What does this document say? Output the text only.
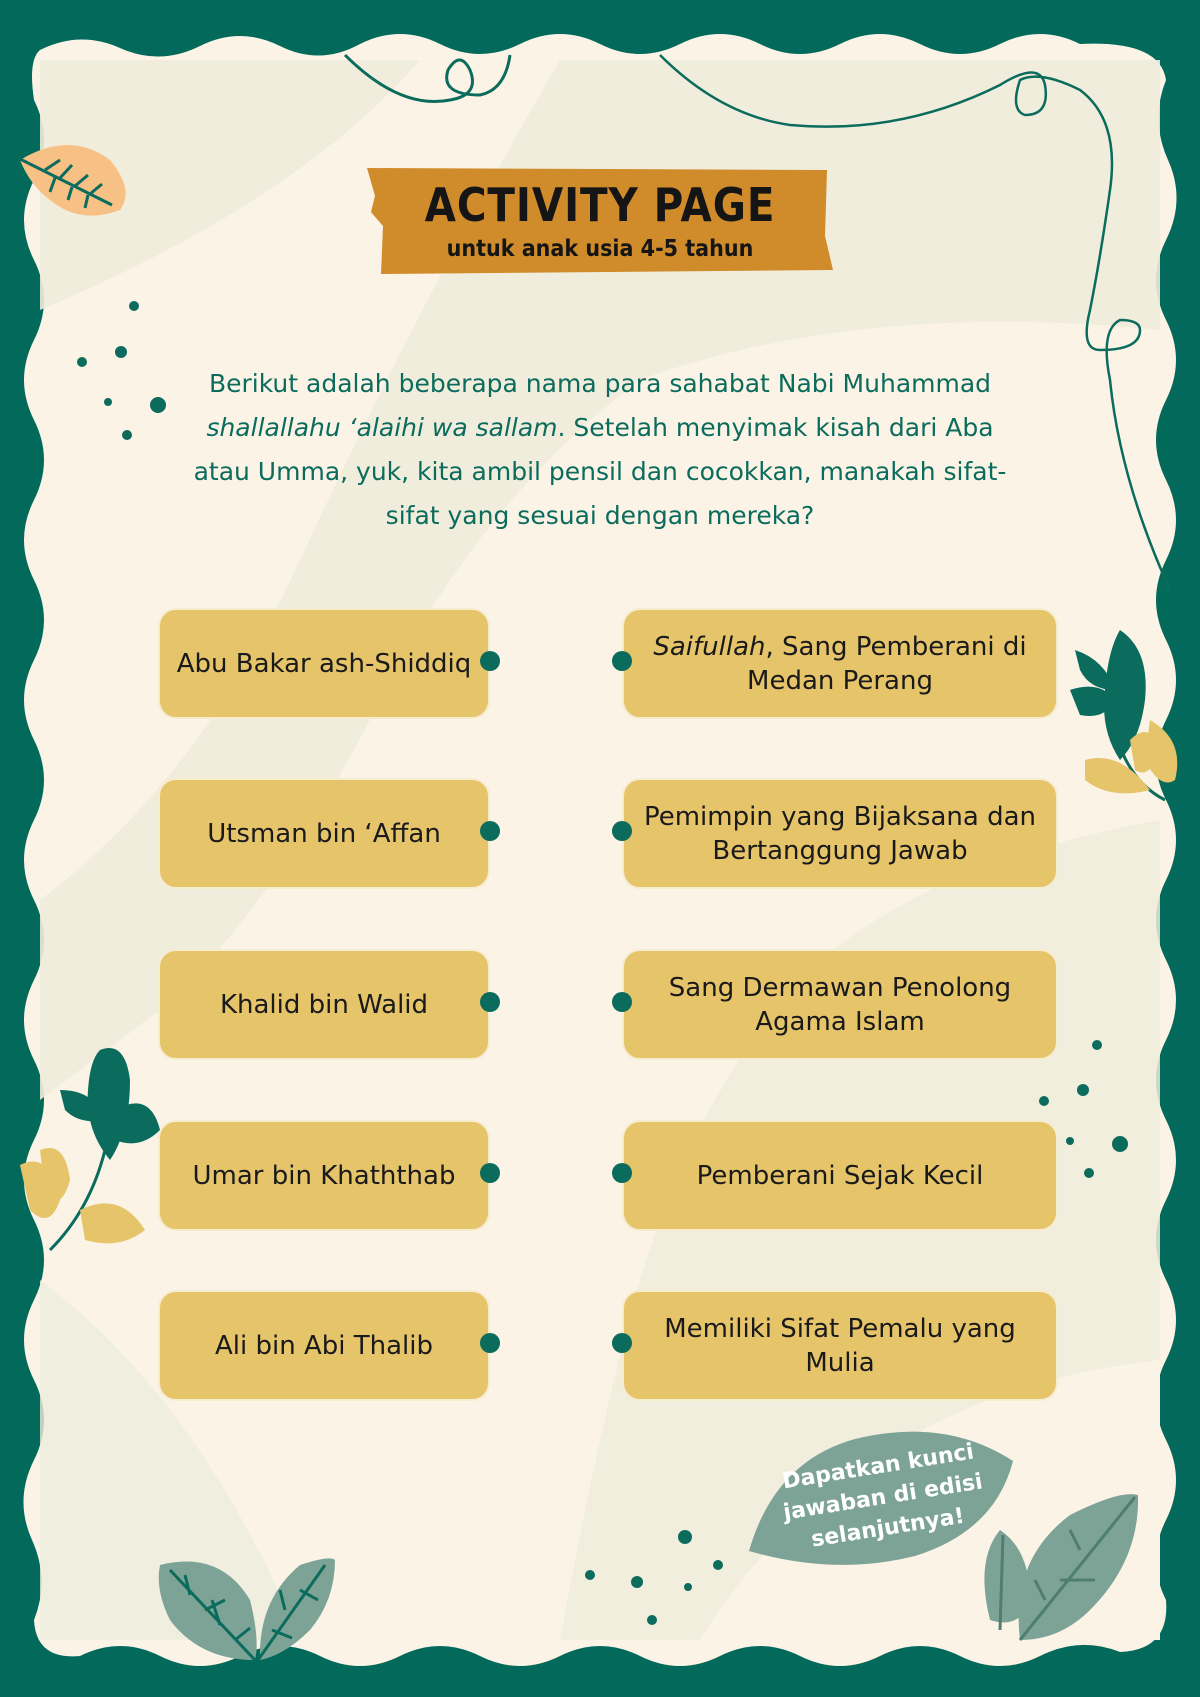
ACTIVITY PAGE
untuk anak usia 4-5 tahun
Berikut adalah beberapa nama para sahabat Nabi Muhammad shallallahu ‘alaihi wa sallam. Setelah menyimak kisah dari Aba atau Umma, yuk, kita ambil pensil dan cocokkan, manakah sifat-sifat yang sesuai dengan mereka?
Abu Bakar ash-Shiddiq
Utsman bin ‘Affan
Khalid bin Walid
Umar bin Khaththab
Ali bin Abi Thalib
Saifullah, Sang Pemberani di Medan Perang
Pemimpin yang Bijaksana dan Bertanggung Jawab
Sang Dermawan Penolong Agama Islam
Pemberani Sejak Kecil
Memiliki Sifat Pemalu yang Mulia
Dapatkan kunci jawaban di edisi selanjutnya!
